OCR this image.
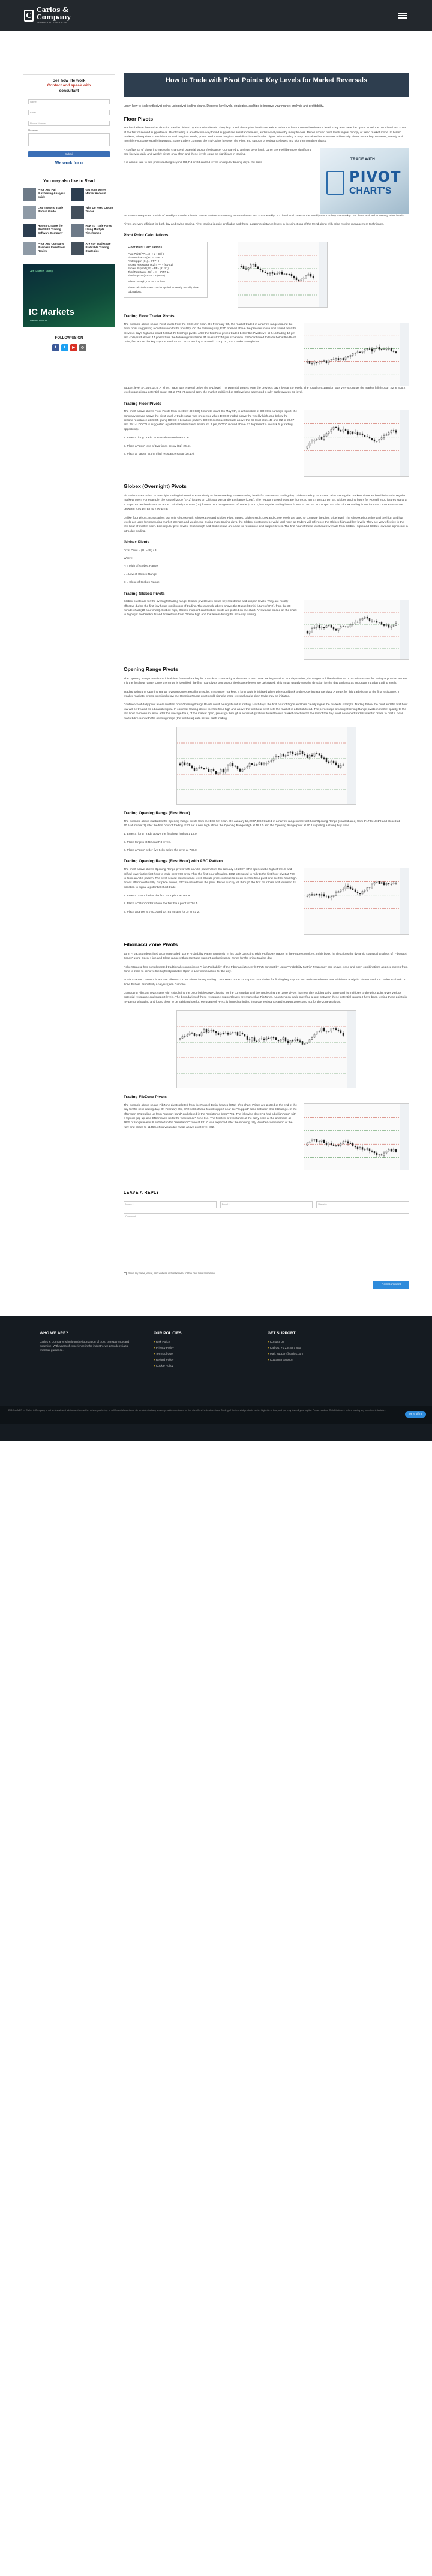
C
Carlos &
Company
FINANCIAL SERVICES
See how life work
Contact and speak with
consultant
Name
Email
Phone Number
Message
Submit
We work for u
You may also like to Read
Price And Pair Purchasing Analysis guide
Get Your Money Market Account
Learn Way to Trade Bitcoin Guide
Why Do Need Crypto Trader
How to Choose the Best BPS Trading Software Company
How To Trade Forex Using Multiple Timeframes
Price And Company Business Investment Review
Are Pay Trades Are Profitable Trading Strategies
Get Started Today
IC Markets
Open An Account
FOLLOW US ON
f	t	▶	◎
How to Trade with Pivot Points: Key Levels for Market Reversals

Learn how to trade with pivot points using pivot trading charts. Discover key levels, strategies, and tips to improve your market analysis and profitability.

Floor Pivots

Traders believe the market direction can be divined by Floor Pivot levels. They buy or sell these pivot levels and exit at either the first or second resistance level. They also have the option to sell the pivot level and cover at the first or second support level. Pivot trading is an effective way to find support and resistance levels, and is widely used by many traders. Prices around pivot levels signal choppy or trend market mode. In bullish markets, when prices consolidate around the pivot levels, prices tend to see the pivot level direction and trader higher. Pivot trading is very neutral and most traders utilize daily Pivots for trading. However, weekly and monthly Pivots are equally important. Some traders compute the mid-points between the Pivot and support or resistance levels and plot them on their charts.

A confluence of pivots increases the chance of potential support/resistance. Compared to a single pivot level. Other there will be more significant and likewise daily and weekly pivots on a chart and these levels could be significant in trading.

It is almost rare to see price reaching beyond R3, R4 or S3 and S4 levels on regular trading days. If it does

TRADE WITH
PIVOT
CHART'S

Be sure to see prices outside of weekly S3 and R3 levels. Some traders use weekly extreme levels and short weekly "R2" level and cover at the weekly Pivot or buy the weekly "S2" level and sell at weekly Pivot levels.

Pivots are very efficient for both day and swing trading. Pivot trading is quite profitable and these support/resistance levels in the directions of the trend along with price moving management techniques.

Pivot Point Calculations
Floor Pivot Calculations
Pivot Point (PP) = (H + L + C) / 3
First Resistance (R1) = 2*PP - L
First Support (S1) = 2*PP - H
Second Resistance (R2) = PP + (R1-S1)
Second Support (S2) = PP - (R1-S1)
Third Resistance (R3) = H + 2*(PP-L)
Third Support (S3) = L - 2*(H-PP)
Where: H=High, L=Low, C=Close
These calculations also can be applied to weekly, monthly Pivot calculations.
Trading Floor Trader Pivots

The example above shows Pivot levels from the ESD 10m chart. On February 9th, the market traded in a narrow range around the Pivot point suggesting a continuation to the volatility. On the following day, ESD opened above the previous close and traded near the previous day's high and could hold at it's first high pivots. After the first hour prices traded below the Pivot level at 4.15 trading 14 pm and collapsed almost 14 points from the following resistance R1 level at 3240 pm expansion. ESD continued to trade below the Pivot point, first above the key support level S1 at 1367.5 trading at around 13:30p.m., ESD broke through the

support level S-1 at 6.14.5. A "short" trade was entered below the S-1 level. The potential targets were the previous day's low at 8.0 levels. The volatility expansion was very strong as the market fell through S2 at 805.2 level suggesting a potential target S3 at 774. At around 2pm, the market stabilized at S3 level and attempted a rally back towards S2 level.

Trading Floor Pivots

The chart above shows Floor Pivots from the Dow (DOCO) 5 minute chart. On May 9th, in anticipation of DOCO's earnings report, the company moved above the pivot level. A trade setup was presented when DOCO traded above the weekly high, and below the second resistance at 23.85 giving DOCO a breakout pattern. DOCO continued to trade above the S2 level at 24.49 and R2 at 23.97 and 25.14. DOCO is suggested a potential bullish trend. At around 2 pm, DOCO moved above R3 to present a low risk buy trading opportunity.

1. Enter a "long" trade 3 cents above resistance at
2. Place a "stop" loss of two times below (S2) 24.41.
3. Place a "target" at the third resistance R3 at (26.17).
Globex (Overnight) Pivots

Pit traders use Globex or overnight trading information extensively to determine key market trading levels for the current trading day. Globex trading hours start after the regular markets close and end before the regular markets open. For example, the Russell 2000 (ER2) futures on Chicago Mercantile Exchange (CME). The regular market hours are from 9:30 am ET to 4:15 pm ET. Globex trading hours for Russell 2000 futures starts at 4:30 pm ET and ends at 9:29 am ET. Similarly the Dow (DJ) futures on Chicago Board of Trade (CBOT), has regular trading hours from 9:20 am ET to 4:00 pm ET. The Globex trading hours for Dow DOW Futures are between 7:01 pm ET to 7:00 pm ET.

Unlike floor pivots, most traders use only Globex High, Globex Low and Globex Pivot values. Globex High, Low and Close levels are used to compute the pivot price level. The Globex pivot value and the high and low levels are used for measuring market strength and weakness. During most trading days, the Globex pivots may be valid until noon as traders will reference the Globex high and low levels. They are very effective in the first hour of market open. Like regular pivot levels, Globex high and Globex lows are used for resistance and support levels. The first hour of these level and reversals from Globex Highs and Globex lows are significant in intra-day trading.

Globex Pivots
Pivot Point = (H+L+C) / 3
Where:
H = High of Globex Range
L = Low of Globex Range
C = Close of Globex Range
Trading Globex Pivots

Globex pivots are for the overnight trading range. Globex pivot levels act as key resistance and support levels. They are mostly effective during the first few hours (until noon) of trading. The example above shows the Russell Emini futures (ER2), from the 30 minute chart (10 hour chart). Globex high, Globex midpoint and Globex pivots are plotted on the chart. Arrows are placed on the chart to highlight the breakouts and breakdown from Globex high and low levels during the intra-day trading.

Opening Range Pivots

The Opening Range time is the initial time frame of trading for a stock or commodity at the start of each new trading session. For day traders, the range could be the first 15 or 30 minutes and for swing or position traders it is the first hour range. Once the range is identified, the first hour pivots plot support/resistance levels are calculated. This range usually sets the direction for the day and acts as important intraday trading levels.

Trading using the Opening Range pivot produces excellent results. In stronger markets, a long trade is initiated when prices pullback to the Opening Range pivot. A target for this trade is set at the first resistance. In weaker markets, prices crossing below the Opening Range pivot could signal a trend reversal and a short trade may be initiated.

Confluence of daily pivot levels and first hour Opening Range Pivots could be significant in trading. Most days, the first hour of highs and lows clearly signal the market's strength. Trading below the pivot and the first hour low will be treated as a bearish signal. In contrast, trading above the first hour high and above the first hour pivot sets the market in a bullish trend. The percentage of using Opening Range pivots in market quality, to the first hour momentum. Also, after the average hour, of the market open, prices go through a series of gyrations to settle on a market direction for the rest of the day. Most seasoned traders wait for prices to post a clear market direction with the opening range (the first hour) data before each trading.

Trading Opening Range (First Hour)

The example above illustrates the Opening Range pivots from the ES2 5m chart. On January 15,2007, ES2 traded in a narrow range in the first hour/Opening Range (shaded area) from 1'17 to 18.1'0 and closed at 70.1(at market 1) after the first hour of trading. ES2 set a new high above the Opening Range High at 18.1'0 and the Opening Range pivot at 70.1 signaling a strong buy trade.

1. Enter a "long" trade above the first hour high at 1'18.0.
2. Place targets at R2 and R3 levels.
3. Place a "stop" order five ticks below the pivot at 780.0.
Trading Opening Range (First Hour) with ABC Pattern

The chart above shows Opening Range pivots with an ABC pattern from On January 10,2007, ER2 opened at a high of 791.8 and drifted lower in the first hour to trade near 788 area. After the first hour of trading, ER2 attempted to rally to the first hour pivot at 790 to form an ABC pattern. The pivot served as resistance level. Should price continue to break the first hour pivot and the first hour high. Prices attempted to rally, but price moves, ER2 reversed from the pivot. Prices quickly fell through the first hour lows and reversed its direction to signal a potential short trade.

1. Enter a "short" below the first hour pivot at 788.9.
2. Place a "Stop" order above the first hour pivot at 791.5
3. Place a target at 780.0 and to 784 ranges (or 3) to S1 2.
Fibonacci Zone Pivots

John F. Jackson described a concept called "Zone Probability Pattern Analysis" in his book Detecting High Profit Day Trades in the Futures Markets. In his book, he describes the dynamic statistical analysis of "Fibonacci Zones" using Open, High and Close range with percentage support and resistance zones for the prime trading day.

Robert Krausz has complimented traditional economics on "High Probability of the Fibonacci Zones" (HPFZ) concept by using "Probability Matrix" Frequency and shows close and open combinations as price moves from zone to zone to achieve the highest probable Open to Low combination for the day.

In this chapter I present how I use Fibonacci Zone Pivots for my trading. I use HPFZ zone concept as boundaries for finding key support and resistance levels. For additional analysis, please read J.F. Jackson's book on Zone Pattern Probability Analysis (Ken Gilmore).

Computing FibZone pivot starts with calculating the pivot (High+Low+Close)/3 for the current day and then projecting the "zone pivots" for next day. Adding daily range and its multiples to the pivot point gives various potential resistance and support levels. The boundaries of these resistance support levels are marked as FibZones. An extension trade may find a spot between these potential targets. I have been testing these points in my personal trading and found them to be valid and useful. My usage of HPFZ is limited to finding intra-day resistance and support zones and not for the zone analysis.

Trading FibZone Pivots

The example above shows FibZone pivots plotted from the Russell Emini futures (ER2) 5/15 chart. Prices are plotted at the end of the day for the next trading day. On February 8th, ER2 sold-off and found support near the "Support" band between 8 to 882 range. In the afternoon ER2 rallied up from "support band" and closed in the "resistance band" 791. The following day ER2 had a bullish "gap" with a 9 point gap up, and ER2 moved up to the "resistance" zone 811. The first test of resistance at the early price at the afternoon at 1675 of range level is 8 suffered in the "resistance" zone at 831.0 was expected after the morning rally. Another continuation of the rally and prices to 1136% of previous day range above pivot level 822.

LEAVE A REPLY
Name *	Email *	Website
Comment
Save my name, email, and website in this browser for the next time I comment.
Post Comment
WHO WE ARE?
Carlos & Company is built on the foundation of trust, transparency and expertise. With years of experience in the industry, we provide reliable financial guidance.
OUR POLICIES
▸ Risk Policy
▸ Privacy Policy
▸ Terms of Use
▸ Refund Policy
▸ Cookie Policy
GET SUPPORT
▸ Contact Us
▸ Call Us: +1 234 567 890
▸ Mail: support@carlos.com
▸ Customer Support
DISCLAIMER — Carlos & Company is not an investment advisor and we neither advise you to buy or sell financial assets nor do we claim that any service provider mentioned on this site offers the best services. Trading of the financial products carries high risk of loss, and you may lose all your capital. Please read our Risk Disclosure before making any investment decision.
We're offline
